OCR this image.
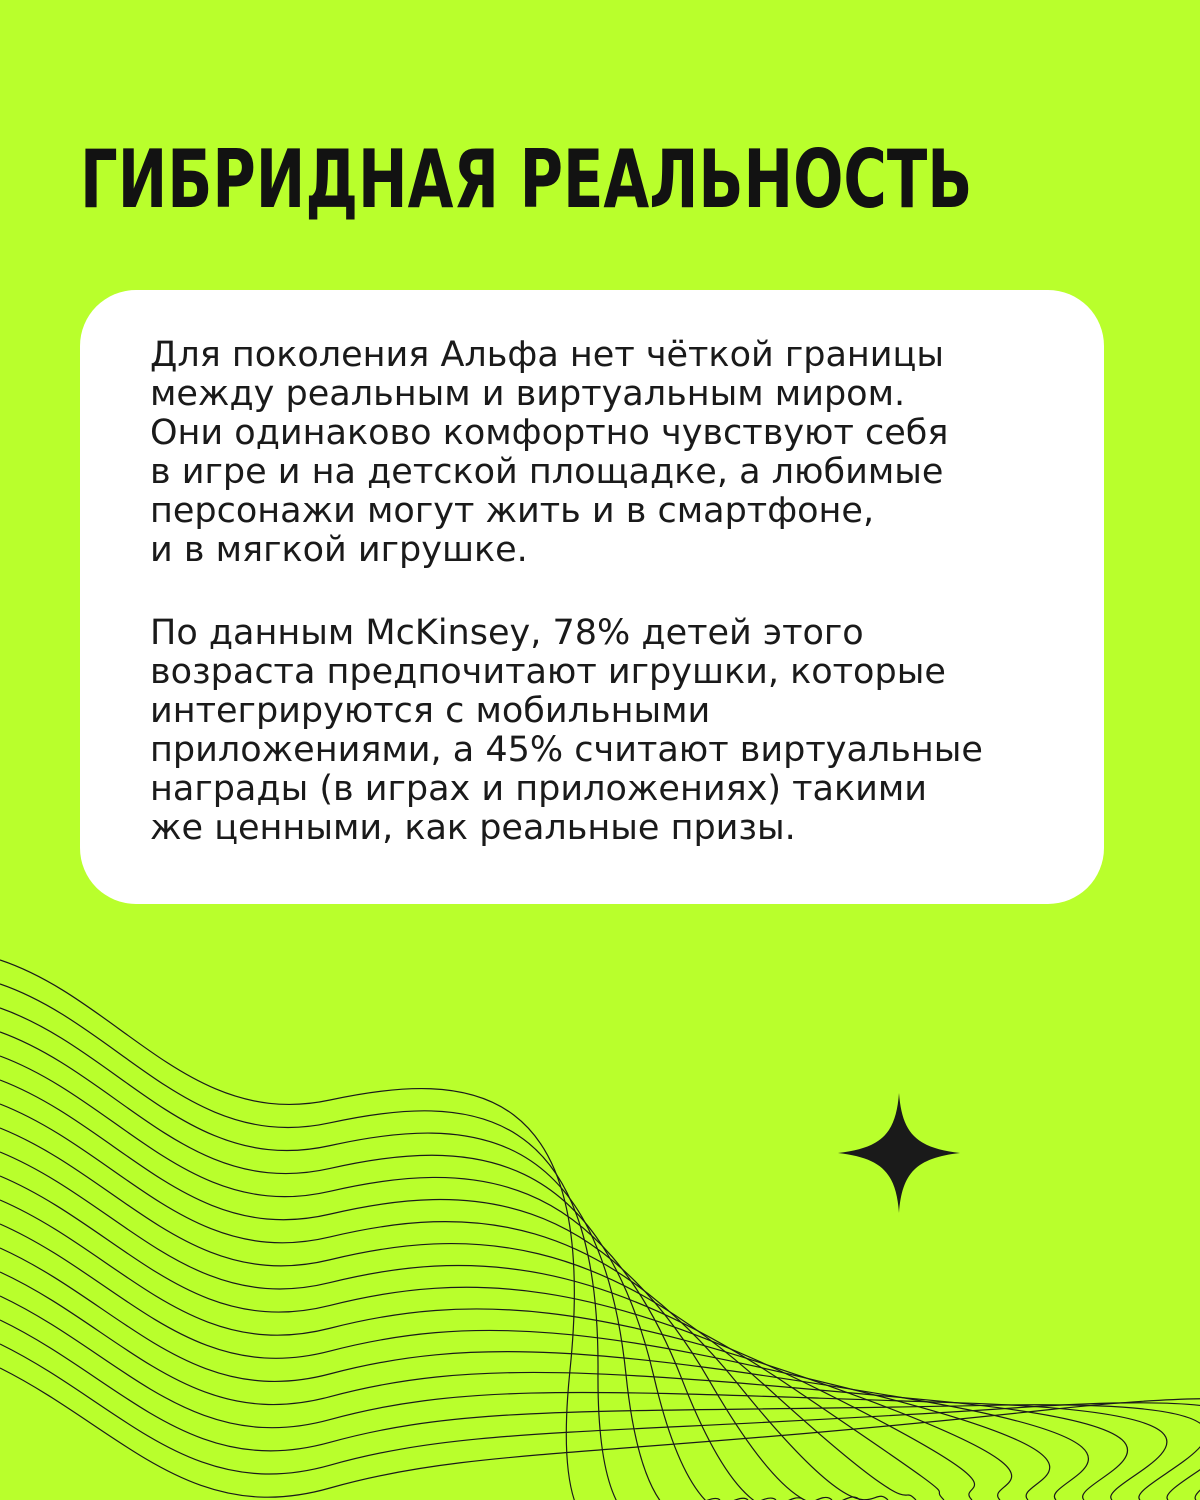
ГИБРИДНАЯ РЕАЛЬНОСТЬ

Для поколения Альфа нет чёткой границы
между реальным и виртуальным миром.
Они одинаково комфортно чувствуют себя
в игре и на детской площадке, а любимые
персонажи могут жить и в смартфоне,
и в мягкой игрушке.

По данным McKinsey, 78% детей этого
возраста предпочитают игрушки, которые
интегрируются с мобильными
приложениями, а 45% считают виртуальные
награды (в играх и приложениях) такими
же ценными, как реальные призы.
